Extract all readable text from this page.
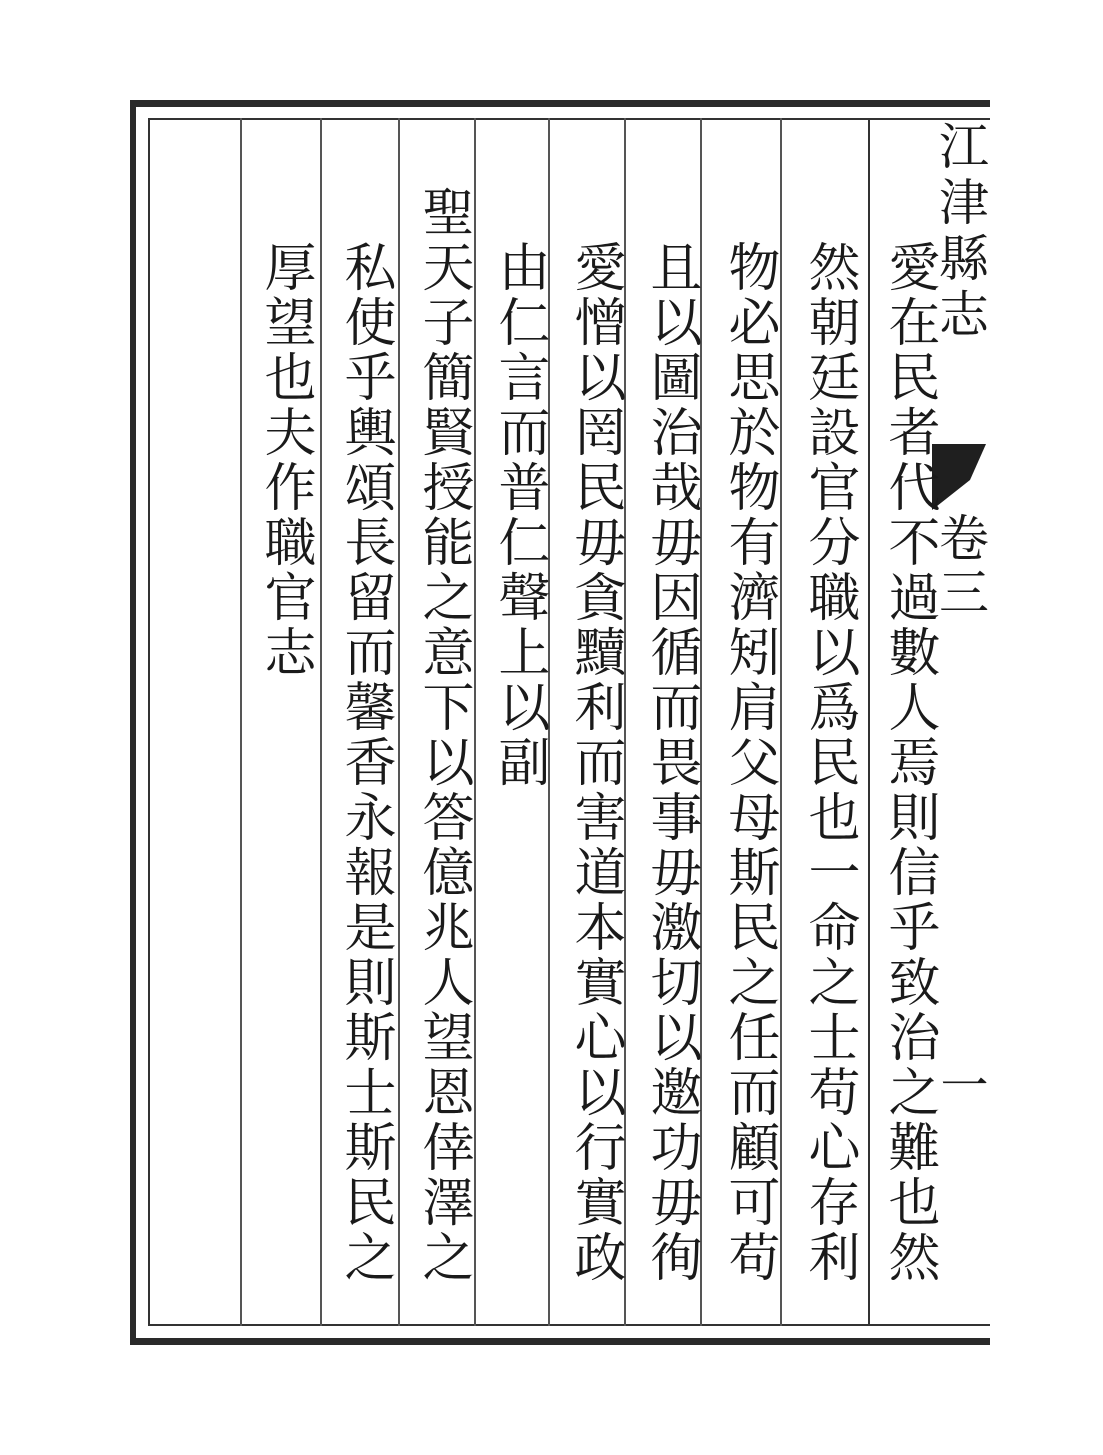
江津縣志
卷三
一
愛在民者代不過數人焉則信乎致治之難也然
然朝廷設官分職以爲民也一命之士苟心存利
物必思於物有濟矧肩父母斯民之任而顧可苟
且以圖治哉毋因循而畏事毋激切以邀功毋徇
愛憎以罔民毋貪黷利而害道本實心以行實政
由仁言而普仁聲上以副
聖天子簡賢授能之意下以答億兆人望恩倖澤之
私使乎輿頌長留而馨香永報是則斯士斯民之
厚望也夫作職官志
